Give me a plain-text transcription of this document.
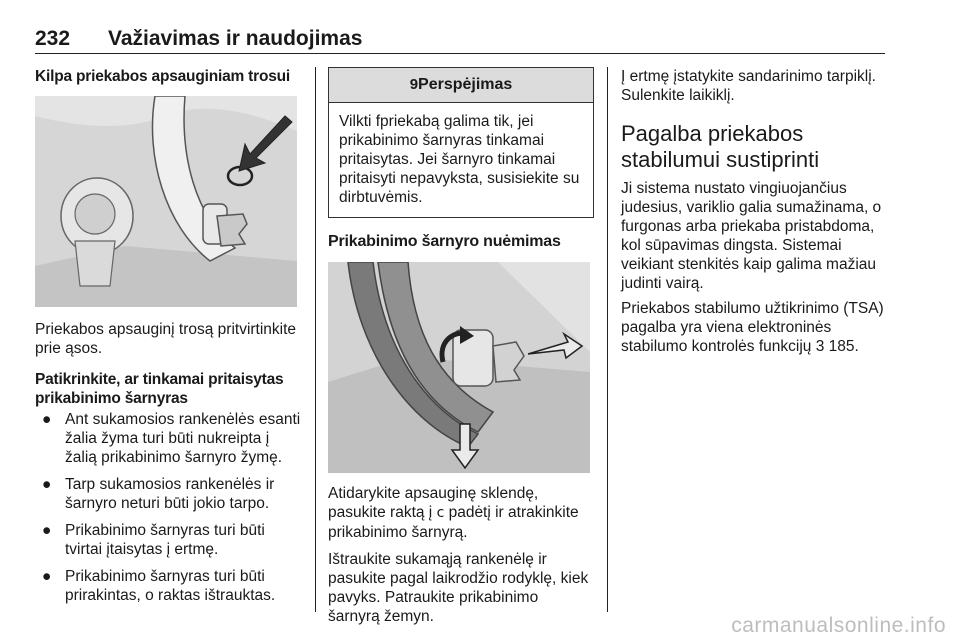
232 Važiavimas ir naudojimas
Kilpa priekabos apsauginiam trosui

Priekabos apsauginį trosą pritvirtinkite prie ąsos.

Patikrinkite, ar tinkamai pritaisytas prikabinimo šarnyras
● Ant sukamosios rankenėlės esanti žalia žyma turi būti nukreipta į žalią prikabinimo šarnyro žymę.
● Tarp sukamosios rankenėlės ir šarnyro neturi būti jokio tarpo.
● Prikabinimo šarnyras turi būti tvirtai įtaisytas į ertmę.
● Prikabinimo šarnyras turi būti prirakintas, o raktas ištrauktas.
9Perspėjimas
Vilkti fpriekabą galima tik, jei prikabinimo šarnyras tinkamai pritaisytas. Jei šarnyro tinkamai pritaisyti nepavyksta, susisiekite su dirbtuvėmis.
Prikabinimo šarnyro nuėmimas

Atidarykite apsauginę sklendę, pasukite raktą į c padėtį ir atrakinkite prikabinimo šarnyrą.

Ištraukite sukamąją rankenėlę ir pasukite pagal laikrodžio rodyklę, kiek pavyks. Patraukite prikabinimo šarnyrą žemyn.

Į ertmę įstatykite sandarinimo tarpiklį. Sulenkite laikiklį.

Pagalba priekabos stabilumui sustiprinti

Ji sistema nustato vingiuojančius judesius, variklio galia sumažinama, o furgonas arba priekaba pristabdoma, kol sūpavimas dingsta. Sistemai veikiant stenkitės kaip galima mažiau judinti vairą.

Priekabos stabilumo užtikrinimo (TSA) pagalba yra viena elektroninės stabilumo kontrolės funkcijų 3 185.

carmanualsonline.info
